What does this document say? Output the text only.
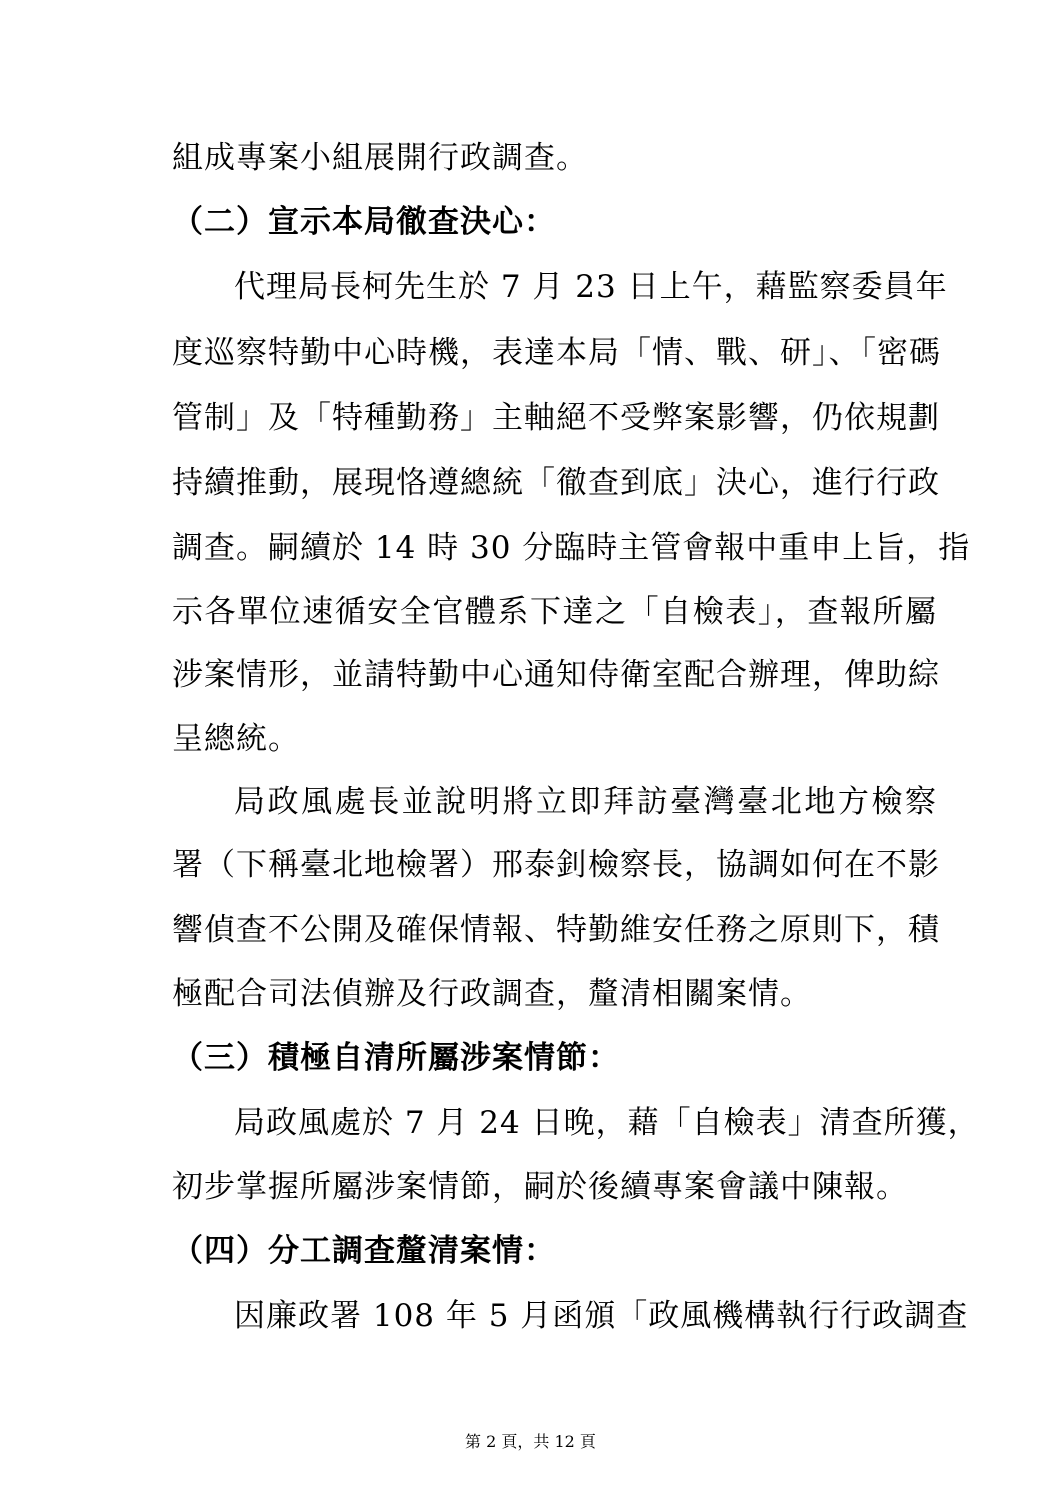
組成專案小組展開行政調查。
（二）宣示本局徹查決心：
代理局長柯先生於 7 月 23 日上午，藉監察委員年
度巡察特勤中心時機，表達本局「情、戰、研」、「密碼
管制」及「特種勤務」主軸絕不受弊案影響，仍依規劃
持續推動，展現恪遵總統「徹查到底」決心，進行行政
調查。嗣續於 14 時 30 分臨時主管會報中重申上旨，指
示各單位速循安全官體系下達之「自檢表」，查報所屬
涉案情形，並請特勤中心通知侍衛室配合辦理，俾助綜
呈總統。
局政風處長並說明將立即拜訪臺灣臺北地方檢察
署（下稱臺北地檢署）邢泰釗檢察長，協調如何在不影
響偵查不公開及確保情報、特勤維安任務之原則下，積
極配合司法偵辦及行政調查，釐清相關案情。
（三）積極自清所屬涉案情節：
局政風處於 7 月 24 日晚，藉「自檢表」清查所獲，
初步掌握所屬涉案情節，嗣於後續專案會議中陳報。
（四）分工調查釐清案情：
因廉政署 108 年 5 月函頒「政風機構執行行政調查
第 2 頁，共 12 頁
